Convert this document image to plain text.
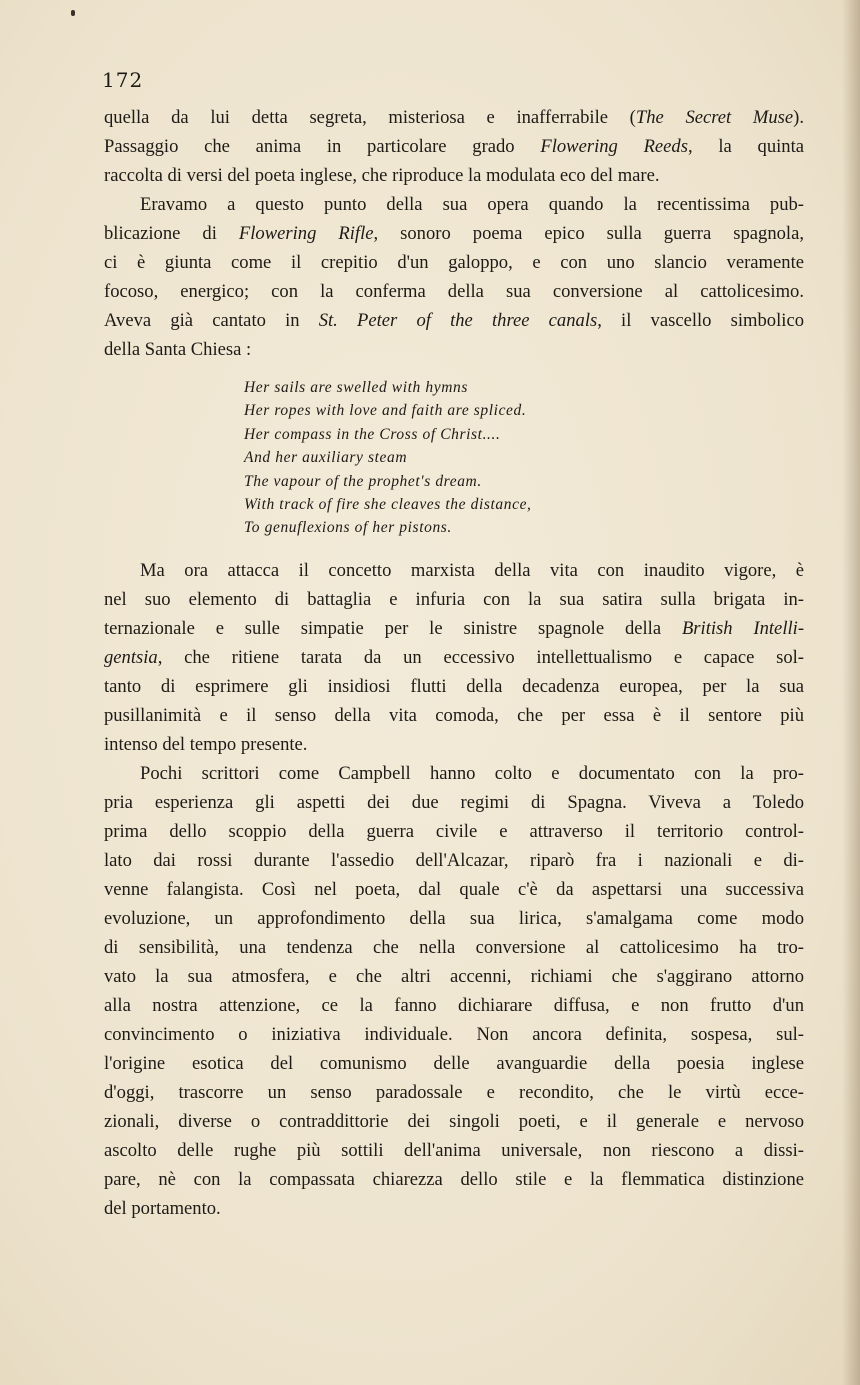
172
quella da lui detta segreta, misteriosa e inafferrabile (The Secret Muse).
Passaggio che anima in particolare grado Flowering Reeds, la quinta
raccolta di versi del poeta inglese, che riproduce la modulata eco del mare.
Eravamo a questo punto della sua opera quando la recentissima pub-
blicazione di Flowering Rifle, sonoro poema epico sulla guerra spagnola,
ci è giunta come il crepitio d'un galoppo, e con uno slancio veramente
focoso, energico; con la conferma della sua conversione al cattolicesimo.
Aveva già cantato in St. Peter of the three canals, il vascello simbolico
della Santa Chiesa :
Her sails are swelled with hymns
Her ropes with love and faith are spliced.
Her compass in the Cross of Christ....
And her auxiliary steam
The vapour of the prophet's dream.
With track of fire she cleaves the distance,
To genuflexions of her pistons.
Ma ora attacca il concetto marxista della vita con inaudito vigore, è
nel suo elemento di battaglia e infuria con la sua satira sulla brigata in-
ternazionale e sulle simpatie per le sinistre spagnole della British Intelli-
gentsia, che ritiene tarata da un eccessivo intellettualismo e capace sol-
tanto di esprimere gli insidiosi flutti della decadenza europea, per la sua
pusillanimità e il senso della vita comoda, che per essa è il sentore più
intenso del tempo presente.
Pochi scrittori come Campbell hanno colto e documentato con la pro-
pria esperienza gli aspetti dei due regimi di Spagna. Viveva a Toledo
prima dello scoppio della guerra civile e attraverso il territorio control-
lato dai rossi durante l'assedio dell'Alcazar, riparò fra i nazionali e di-
venne falangista. Così nel poeta, dal quale c'è da aspettarsi una successiva
evoluzione, un approfondimento della sua lirica, s'amalgama come modo
di sensibilità, una tendenza che nella conversione al cattolicesimo ha tro-
vato la sua atmosfera, e che altri accenni, richiami che s'aggirano attorno
alla nostra attenzione, ce la fanno dichiarare diffusa, e non frutto d'un
convincimento o iniziativa individuale. Non ancora definita, sospesa, sul-
l'origine esotica del comunismo delle avanguardie della poesia inglese
d'oggi, trascorre un senso paradossale e recondito, che le virtù ecce-
zionali, diverse o contraddittorie dei singoli poeti, e il generale e nervoso
ascolto delle rughe più sottili dell'anima universale, non riescono a dissi-
pare, nè con la compassata chiarezza dello stile e la flemmatica distinzione
del portamento.
